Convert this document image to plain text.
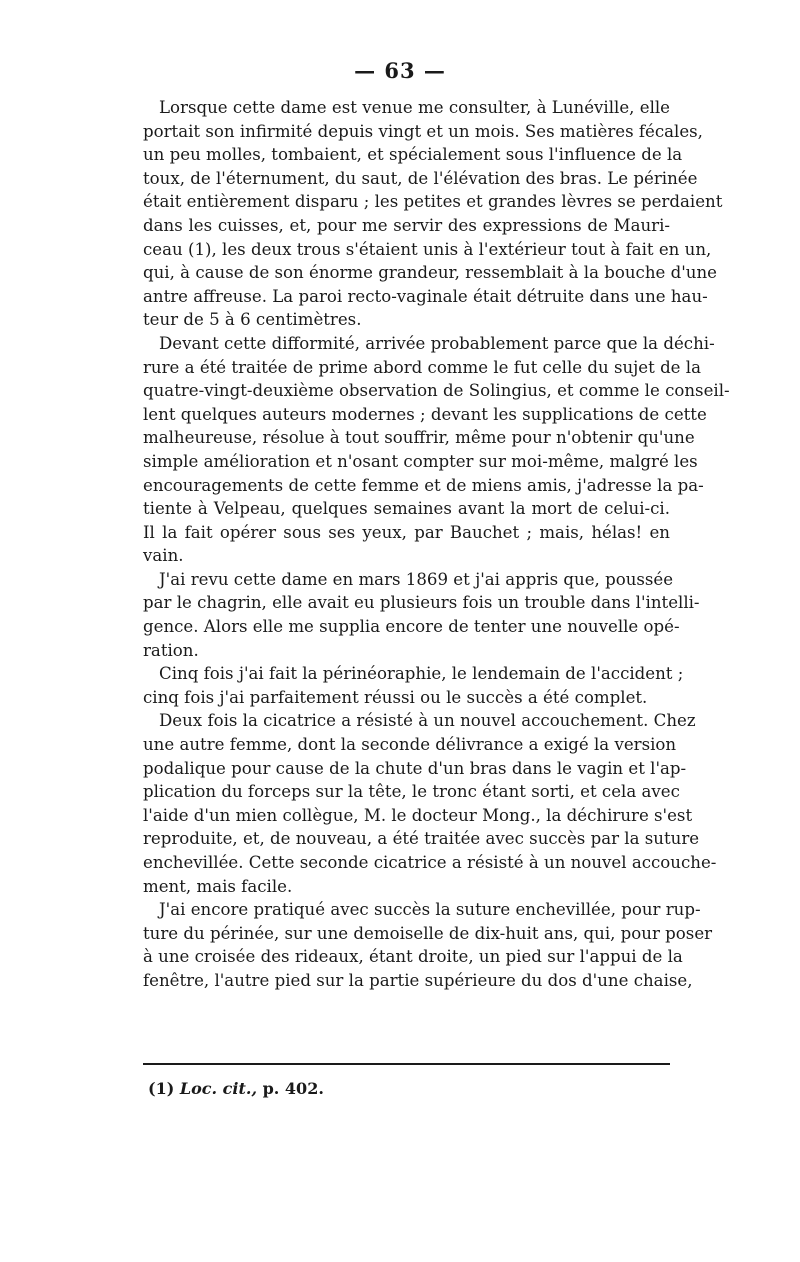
— 63 —

Lorsque cette dame est venue me consulter, à Lunéville, elle
portait son infirmité depuis vingt et un mois. Ses matières fécales,
un peu molles, tombaient, et spécialement sous l'influence de la
toux, de l'éternument, du saut, de l'élévation des bras. Le périnée
était entièrement disparu ; les petites et grandes lèvres se perdaient
dans les cuisses, et, pour me servir des expressions de Mauri-
ceau (1), les deux trous s'étaient unis à l'extérieur tout à fait en un,
qui, à cause de son énorme grandeur, ressemblait à la bouche d'une
antre affreuse. La paroi recto-vaginale était détruite dans une hau-
teur de 5 à 6 centimètres.

Devant cette difformité, arrivée probablement parce que la déchi-
rure a été traitée de prime abord comme le fut celle du sujet de la
quatre-vingt-deuxième observation de Solingius, et comme le conseil-
lent quelques auteurs modernes ; devant les supplications de cette
malheureuse, résolue à tout souffrir, même pour n'obtenir qu'une
simple amélioration et n'osant compter sur moi-même, malgré les
encouragements de cette femme et de miens amis, j'adresse la pa-
tiente à Velpeau, quelques semaines avant la mort de celui-ci.
Il la fait opérer sous ses yeux, par Bauchet ; mais, hélas! en
vain.

J'ai revu cette dame en mars 1869 et j'ai appris que, poussée
par le chagrin, elle avait eu plusieurs fois un trouble dans l'intelli-
gence. Alors elle me supplia encore de tenter une nouvelle opé-
ration.

Cinq fois j'ai fait la périnéoraphie, le lendemain de l'accident ;
cinq fois j'ai parfaitement réussi ou le succès a été complet.

Deux fois la cicatrice a résisté à un nouvel accouchement. Chez
une autre femme, dont la seconde délivrance a exigé la version
podalique pour cause de la chute d'un bras dans le vagin et l'ap-
plication du forceps sur la tête, le tronc étant sorti, et cela avec
l'aide d'un mien collègue, M. le docteur Mong., la déchirure s'est
reproduite, et, de nouveau, a été traitée avec succès par la suture
enchevillée. Cette seconde cicatrice a résisté à un nouvel accouche-
ment, mais facile.

J'ai encore pratiqué avec succès la suture enchevillée, pour rup-
ture du périnée, sur une demoiselle de dix-huit ans, qui, pour poser
à une croisée des rideaux, étant droite, un pied sur l'appui de la
fenêtre, l'autre pied sur la partie supérieure du dos d'une chaise,

(1) Loc. cit., p. 402.
